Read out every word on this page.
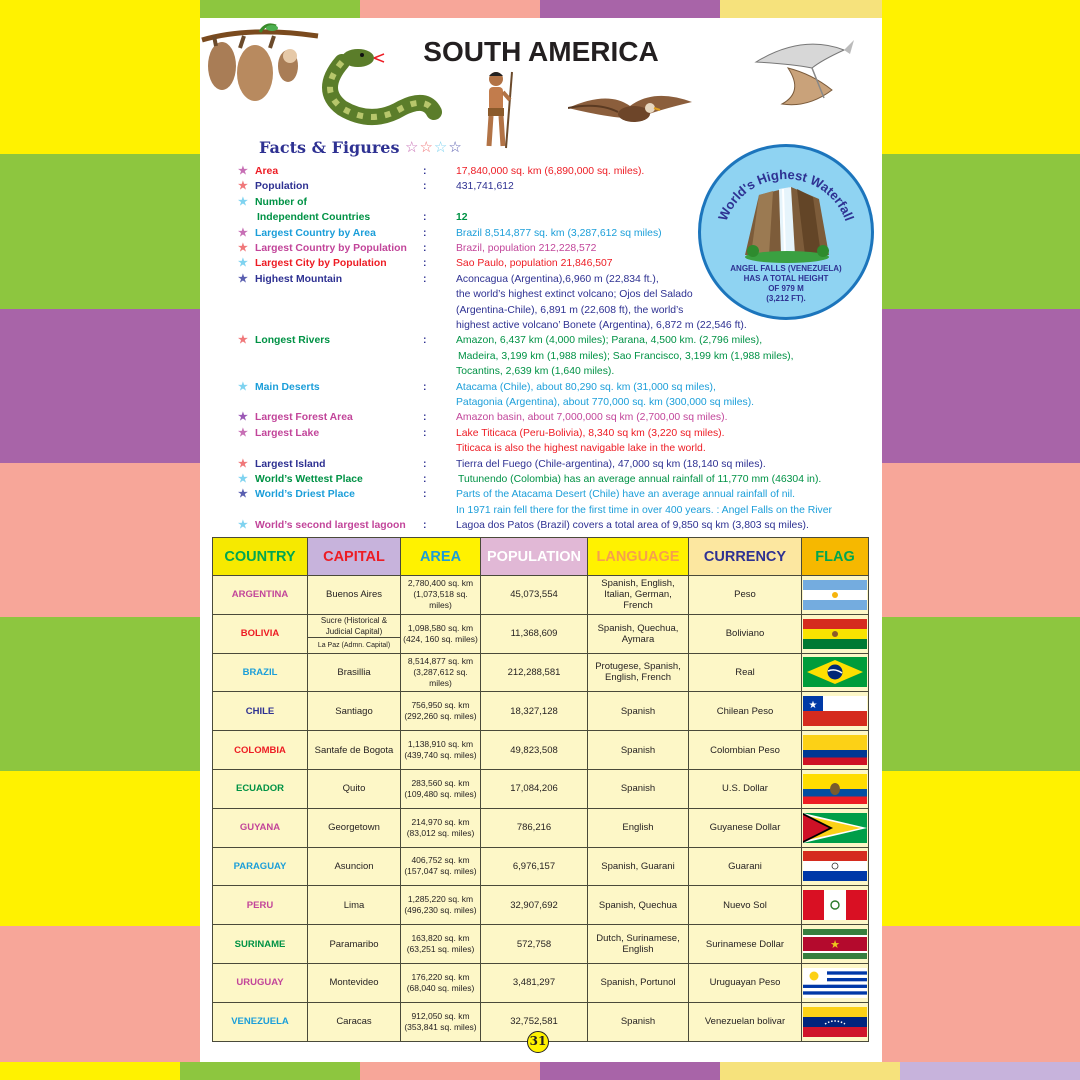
SOUTH AMERICA
Facts & Figures ☆☆☆☆
★ Area	:	17,840,000 sq. km (6,890,000 sq. miles).
★ Population	:	431,741,612
★ Number of
Independent Countries	:	12
★ Largest Country by Area	:	Brazil 8,514,877 sq. km (3,287,612 sq miles)
★ Largest Country by Population	:	Brazil, population 212,228,572
★ Largest City by Population	:	Sao Paulo, population 21,846,507
★ Highest Mountain	:	Aconcagua (Argentina),6,960 m (22,834 ft.),
the world’s highest extinct volcano; Ojos del Salado
(Argentina-Chile), 6,891 m (22,608 ft), the world’s
highest active volcano’ Bonete (Argentina), 6,872 m (22,546 ft).
★ Longest Rivers	:	Amazon, 6,437 km (4,000 miles); Parana, 4,500 km. (2,796 miles),
Madeira, 3,199 km (1,988 miles); Sao Francisco, 3,199 km (1,988 miles),
Tocantins, 2,639 km (1,640 miles).
★ Main Deserts	:	Atacama (Chile), about 80,290 sq. km (31,000 sq miles),
Patagonia (Argentina), about 770,000 sq. km (300,000 sq miles).
★ Largest Forest Area	:	Amazon basin, about 7,000,000 sq km (2,700,00 sq miles).
★ Largest Lake	:	Lake Titicaca (Peru-Bolivia), 8,340 sq km (3,220 sq miles).
Titicaca is also the highest navigable lake in the world.
★ Largest Island	:	Tierra del Fuego (Chile-argentina), 47,000 sq km (18,140 sq miles).
★ World’s Wettest Place	:	Tutunendo (Colombia) has an average annual rainfall of 11,770 mm (46304 in).
★ World’s Driest Place	:	Parts of the Atacama Desert (Chile) have an average annual rainfall of nil.
In 1971 rain fell there for the first time in over 400 years. : Angel Falls on the River
★ World’s second largest lagoon	:	Lagoa dos Patos (Brazil) covers a total area of 9,850 sq km (3,803 sq miles).
World's Highest Waterfall
ANGEL FALLS (VENEZUELA)
HAS A TOTAL HEIGHT
OF 979 M
(3,212 FT).
COUNTRY	CAPITAL	AREA	POPULATION	LANGUAGE	CURRENCY	FLAG
ARGENTINA	Buenos Aires	2,780,400 sq. km
(1,073,518 sq. miles)	45,073,554	Spanish, English, Italian, German, French	Peso	

BOLIVIA	Sucre (Historical & Judicial Capital)
La Paz (Admn. Capital)	1,098,580 sq. km
(424, 160 sq. miles)	11,368,609	Spanish, Quechua, Aymara	Boliviano	

BRAZIL	Brasillia	8,514,877 sq. km
(3,287,612 sq. miles)	212,288,581	Protugese, Spanish, English, French	Real	

CHILE	Santiago	756,950 sq. km
(292,260 sq. miles)	18,327,128	Spanish	Chilean Peso	★

COLOMBIA	Santafe de Bogota	1,138,910 sq. km
(439,740 sq. miles)	49,823,508	Spanish	Colombian Peso	

ECUADOR	Quito	283,560 sq. km
(109,480 sq. miles)	17,084,206	Spanish	U.S. Dollar	

GUYANA	Georgetown	214,970 sq. km
(83,012 sq. miles)	786,216	English	Guyanese Dollar	

PARAGUAY	Asuncion	406,752 sq. km
(157,047 sq. miles)	6,976,157	Spanish, Guarani	Guarani	

PERU	Lima	1,285,220 sq. km
(496,230 sq. miles)	32,907,692	Spanish, Quechua	Nuevo Sol	

SURINAME	Paramaribo	163,820 sq. km
(63,251 sq. miles)	572,758	Dutch, Surinamese, English	Surinamese Dollar	★

URUGUAY	Montevideo	176,220 sq. km
(68,040 sq. miles)	3,481,297	Spanish, Portunol	Uruguayan Peso	

VENEZUELA	Caracas	912,050 sq. km
(353,841 sq. miles)	32,752,581	Spanish	Venezuelan bolivar	
31
